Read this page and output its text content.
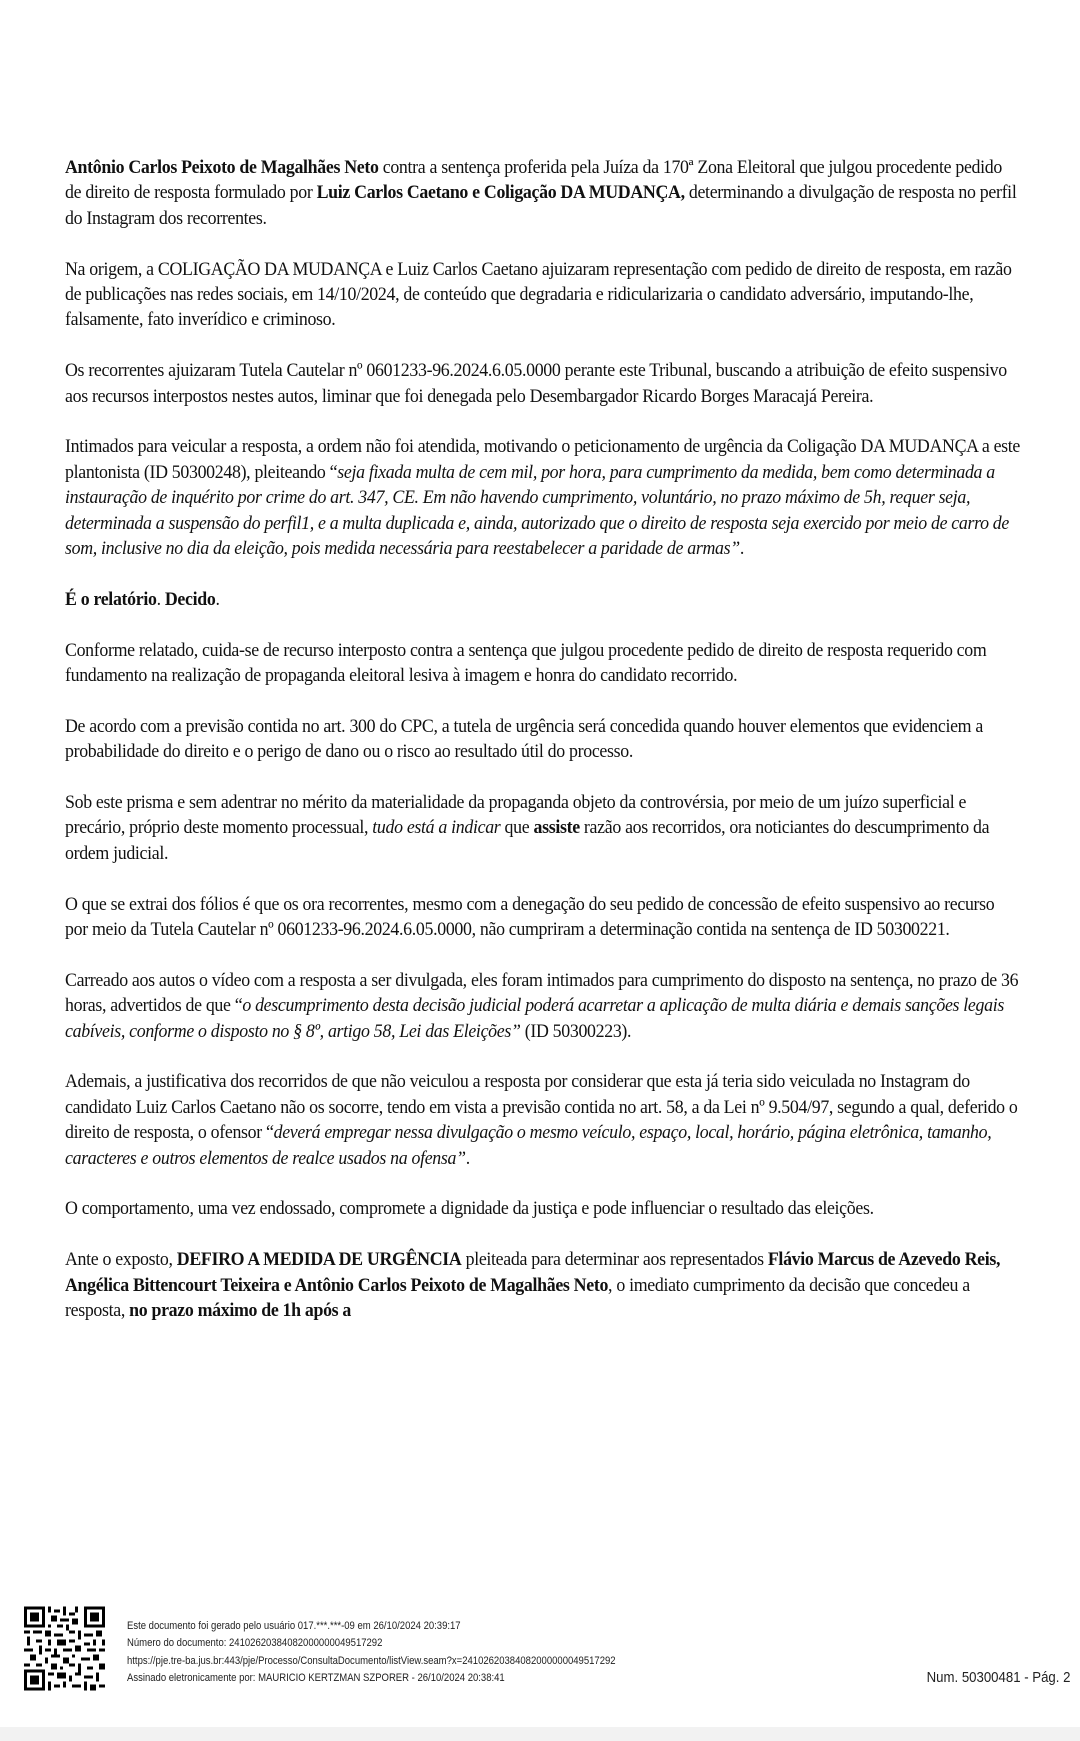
Antônio Carlos Peixoto de Magalhães Neto contra a sentença proferida pela Juíza da 170ª Zona Eleitoral que julgou procedente pedido de direito de resposta formulado por Luiz Carlos Caetano e Coligação DA MUDANÇA, determinando a divulgação de resposta no perfil do Instagram dos recorrentes.

Na origem, a COLIGAÇÃO DA MUDANÇA e Luiz Carlos Caetano ajuizaram representação com pedido de direito de resposta, em razão de publicações nas redes sociais, em 14/10/2024, de conteúdo que degradaria e ridicularizaria o candidato adversário, imputando-lhe, falsamente, fato inverídico e criminoso.

Os recorrentes ajuizaram Tutela Cautelar nº 0601233-96.2024.6.05.0000 perante este Tribunal, buscando a atribuição de efeito suspensivo aos recursos interpostos nestes autos, liminar que foi denegada pelo Desembargador Ricardo Borges Maracajá Pereira.

Intimados para veicular a resposta, a ordem não foi atendida, motivando o peticionamento de urgência da Coligação DA MUDANÇA a este plantonista (ID 50300248), pleiteando “seja fixada multa de cem mil, por hora, para cumprimento da medida, bem como determinada a instauração de inquérito por crime do art. 347, CE. Em não havendo cumprimento, voluntário, no prazo máximo de 5h, requer seja, determinada a suspensão do perfil1, e a multa duplicada e, ainda, autorizado que o direito de resposta seja exercido por meio de carro de som, inclusive no dia da eleição, pois medida necessária para reestabelecer a paridade de armas”.

É o relatório. Decido.

Conforme relatado, cuida-se de recurso interposto contra a sentença que julgou procedente pedido de direito de resposta requerido com fundamento na realização de propaganda eleitoral lesiva à imagem e honra do candidato recorrido.

De acordo com a previsão contida no art. 300 do CPC, a tutela de urgência será concedida quando houver elementos que evidenciem a probabilidade do direito e o perigo de dano ou o risco ao resultado útil do processo.

Sob este prisma e sem adentrar no mérito da materialidade da propaganda objeto da controvérsia, por meio de um juízo superficial e precário, próprio deste momento processual, tudo está a indicar que assiste razão aos recorridos, ora noticiantes do descumprimento da ordem judicial.

O que se extrai dos fólios é que os ora recorrentes, mesmo com a denegação do seu pedido de concessão de efeito suspensivo ao recurso por meio da Tutela Cautelar nº 0601233-96.2024.6.05.0000, não cumpriram a determinação contida na sentença de ID 50300221.

Carreado aos autos o vídeo com a resposta a ser divulgada, eles foram intimados para cumprimento do disposto na sentença, no prazo de 36 horas, advertidos de que “o descumprimento desta decisão judicial poderá acarretar a aplicação de multa diária e demais sanções legais cabíveis, conforme o disposto no § 8º, artigo 58, Lei das Eleições” (ID 50300223).

Ademais, a justificativa dos recorridos de que não veiculou a resposta por considerar que esta já teria sido veiculada no Instagram do candidato Luiz Carlos Caetano não os socorre, tendo em vista a previsão contida no art. 58, a da Lei nº 9.504/97, segundo a qual, deferido o direito de resposta, o ofensor “deverá empregar nessa divulgação o mesmo veículo, espaço, local, horário, página eletrônica, tamanho, caracteres e outros elementos de realce usados na ofensa”.

O comportamento, uma vez endossado, compromete a dignidade da justiça e pode influenciar o resultado das eleições.

Ante o exposto, DEFIRO A MEDIDA DE URGÊNCIA pleiteada para determinar aos representados Flávio Marcus de Azevedo Reis, Angélica Bittencourt Teixeira e Antônio Carlos Peixoto de Magalhães Neto, o imediato cumprimento da decisão que concedeu a resposta, no prazo máximo de 1h após a

Este documento foi gerado pelo usuário 017.***.***-09 em 26/10/2024 20:39:17
Número do documento: 24102620384082000000049517292
https://pje.tre-ba.jus.br:443/pje/Processo/ConsultaDocumento/listView.seam?x=24102620384082000000049517292
Assinado eletronicamente por: MAURICIO KERTZMAN SZPORER - 26/10/2024 20:38:41	Num. 50300481 - Pág. 2
